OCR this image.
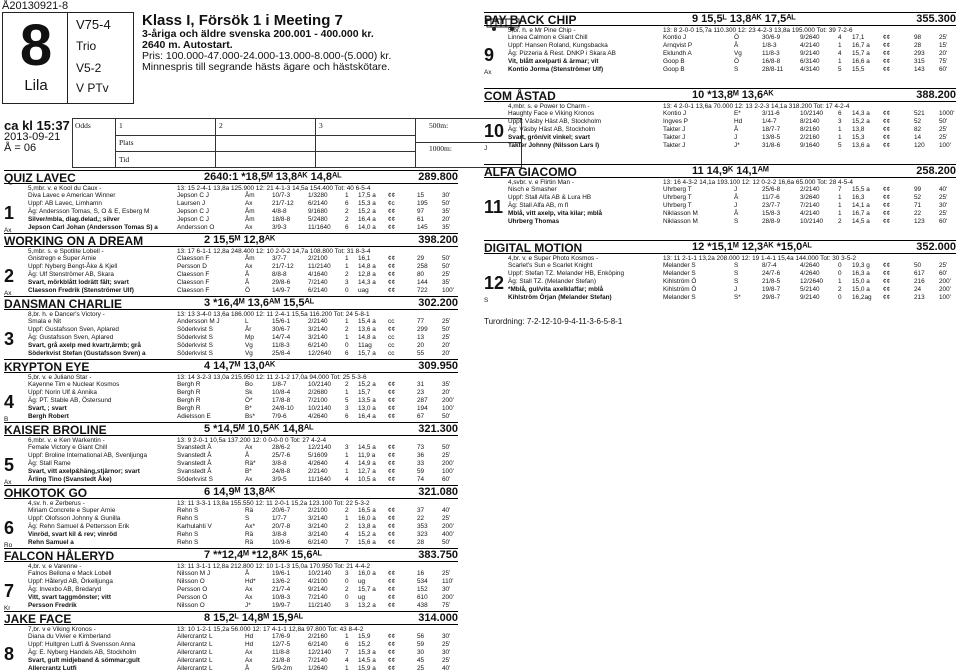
Å20130921-8
8
Lila
V75-4
Trio
V5-2
V PTv
Klass I, Försök 1 i Meeting 7
3-åriga och äldre svenska 200.001 - 400.000 kr.
2640 m. Autostart.
Pris: 100.000-47.000-24.000-13.000-8.000-(5.000) kr.
Minnespris till segrande hästs ägare och hästskötare.
ca kl 15:37
2013-09-21
Å = 06
Odds	1
Plats
Tid
2	3	500m:
1000m:
QUIZ LAVEC	2640:1 *18,5ᴹ 13,8ᴬᴷ 14,8ᴬᴸ	289.800
5,mbr. v. e Kool du Caux -	13: 15 2-4-1 13,8a 125.900 12: 21 4-1-3 14,5a 154.400 Tot: 40 6-5-4
1
Ax
Diva Lavec e American Winner	Jepson C J	Åm	10/7-3	1/3280	1 17,5 a ¢¢	15	30'
Uppf: AB Lavec, Limhamn	Laursen J	Ax	21/7-12 6/2140	6 15,3 a ¢c	195 50'
Äg: Andersson Tomas, S, O & E, Esberg M	Jepson C J	Åm	4/8-8	9/1680	2 15,2 a ¢¢	97	35'
Silver/mbla, diag.delad,; silver	Jepson C J	Åm	18/8-8	5/2480	2 16,4 a ¢¢	61	20'
Jepson Carl Johan (Andersson Tomas S) a	Andersson O	Ax	3/9-3	11/1640 6 14,0 a ¢¢	145 35'
WORKING ON A DREAM	2 15,5ᴹ 12,8ᴬᴷ	398.200
5,mbr. s. e Spotlite Lobell -	13: 17 6-1-1 12,8a 248.400 12: 10 2-0-2 14,7a 108.800 Tot: 31 8-3-4
2
Ax
Gnistregn e Super Arnie	Claesson F	Åm	3/7-7	2/2100	1 16,1	¢¢	29	50'
Uppf: Nyberg Bengt-Åke & Kjell	Persson D	Ax	21/7-12 11/2140 1 14,8 a ¢¢	258 50'
Äg: Ulf Stenströmer AB, Skara	Claesson F	Å	8/8-8	4/1640	2 12,8 a ¢¢	80	25'
Svart, mörkblått lodrätt fält; svart	Claesson F	Å	29/8-6	7/2140	3 14,3 a ¢¢	144 35'
Claesson Fredrik (Stenströmer Ulf)	Claesson F	Ö	14/9-7	6/2140	0 uag	¢¢	722 100'
DANSMAN CHARLIE	3 *16,4ᴹ 13,6ᴬᴹ 15,5ᴬᴸ	302.200
8,br. h. e Dancer's Victory -	13: 13 3-4-0 13,6a 186.000 12: 11 2-4-1 15,5a 116.200 Tot: 24 5-8-1
3
Smala e Nit	Andersson M J	L	15/6-1	2/2140	1 15,4 a cc	77	25'
Uppf: Gustafsson Sven, Aplared	Söderkvist S	År	30/6-7	3/2140	2 13,6 a ¢¢	299 50'
Äg: Gustafsson Sven, Aplared	Söderkvist S	Mp	14/7-4	3/2140	1 14,8 a cc	13	25'
Svart, grå axelp med kvartr,ärmb; grå	Söderkvist S	Vg	11/8-3	6/2140	0 11ag	cc	20	20'
Söderkvist Stefan (Gustafsson Sven) a	Söderkvist S	Vg	25/8-4	12/2640 6 15,7 a cc	55	20'
KRYPTON EYE	4 14,7ᴹ 13,0ᴬᴷ	309.950
5,br. v. e Juliano Star -	13: 14 3-2-3 13,0a 215.950 12: 11 2-1-2 17,0a 94.000 Tot: 25 5-3-6
4
B
Kayenne Tim e Nuclear Kosmos	Bergh R	Bo	1/8-7	10/2140 2 15,2 a ¢¢	31	35'
Uppf: Norin Ulf & Annika	Bergh R	Sk	10/8-4	2/2680	1 15,7	¢¢	23	20'
Äg: PT. Stable AB, Östersund	Bergh R	Ö*	17/8-8	7/2100	5 13,5 a ¢¢	287 200'
Svart, ; svart	Bergh R	B*	24/8-10 10/2140 3 13,0 a ¢¢	194 100'
Bergh Robert	Adielsson E	Bs*	7/9-6	4/2640	6 16,4 a ¢¢	67	50'
KAISER BROLINE	5 *14,5ᴹ 10,5ᴬᴷ 14,8ᴬᴸ	321.300
6,mbr. v. e Ken Warkentin -	13: 9 2-0-1 10,5a 137.200 12: 0 0-0-0 0 Tot: 27 4-2-4
5
Ax
Female Victory e Giant Chill	Svanstedt Å	Ax	28/6-2	12/2140 3 14,5 a ¢¢	73	50'
Uppf: Broline International AB, Svenljunga	Svanstedt Å	Å	25/7-6	5/1609	1 11,9 a ¢¢	36	25'
Äg: Stall Rame	Svanstedt Å	Rä*	3/8-8	4/2640	4 14,9 a ¢¢	33	200'
Svart, vitt axelp&häng,stjärnor; svart	Svanstedt Å	B*	24/8-8	2/2140	1 12,7 a ¢¢	59	100'
Årling Tino (Svanstedt Åke)	Söderkvist S	Ax	3/9-5	11/1640 4 10,5 a ¢¢	74	60'
OHKOTOK GO	6 14,9ᴹ 13,8ᴬᴷ	321.080
4,sv. h. e Zerberus -	13: 11 3-3-1 13,8a 155.550 12: 11 2-0-1 15,2a 123.100 Tot: 22 5-3-2
6
Ro
Miriam Concrete e Super Arnie	Rehn S	Rä	20/6-7	2/2100	2 16,5 a ¢¢	37	40'
Uppf: Olofsson Johnny & Gunilla	Rehn S	S	1/7-7	3/2140	1 16,0 a ¢¢	22	25'
Äg: Rehn Samuel & Pettersson Erik	Karhulahti V	Ax*	20/7-8	3/2140	2 13,8 a ¢¢	353 200'
Vinröd, svart kil & rev; vinröd	Rehn S	Rä	3/8-8	3/2140	4 15,2 a ¢¢	323 400'
Rehn Samuel a	Rehn S	Rä	10/9-6	6/2140	7 15,6 a ¢¢	28	50'
FALCON HÅLERYD	7 **12,4ᴹ *12,8ᴬᴷ 15,6ᴬᴸ	383.750
4,br. v. e Varenne -	13: 11 3-1-1 12,8a 212.800 12: 10 1-1-3 15,0a 170.950 Tot: 21 4-4-2
7
Kr
Falnos Bellona e Mack Lobell	Nilsson M J	Å	19/6-1	10/2140 3 16,0 a ¢¢	16	25'
Uppf: Håleryd AB, Örkelljunga	Nilsson O	Hd*	13/6-2	4/2100	0 ug	¢¢	534 110'
Äg: Invexbo AB, Bredaryd	Persson O	Ax	21/7-4	9/2140	2 15,7 a ¢¢	152 30'
Vitt, svart taggmönster; vitt	Persson O	Ax	10/8-3	7/2140	0 ug	¢¢	610 200'
Persson Fredrik	Nilsson O	J*	19/9-7	11/2140 3 13,2 a ¢¢	438 75'
JAKE FACE	8 15,2ᴸ 14,8ᴹ 15,9ᴬᴸ	314.000
7,br. v e Viking Kronos -	13: 10 1-2-1 15,2a 56.000 12: 17 4-1-1 12,8a 97.800 Tot: 43 8-4-2
8
Diana du Vivier e Kimberland	Allercrantz L	Hd	17/6-9	2/2160	1 15,9	¢¢	56	30'
Uppf: Hultgren Lutfi & Svensson Anna	Allercrantz L	Hd	12/7-5	6/2140	6 15,2	¢¢	59	25'
Äg: E. Nyberg Handels AB, Stockholm	Allercrantz L	Ax	11/8-8	12/2140 7 15,3 a ¢¢	30	30'
Svart, gult midjeband & sömmar;gult	Allercrantz L	Ax	21/8-8	7/2140	4 14,5 a ¢¢	45	25'
Allercrantz Lutfi	Allercrantz L	Å	5/9-2m	1/2640	1 15,9 a ¢¢	25	40'
PAY BACK CHIP	9 15,5ᴸ 13,8ᴬᴷ 17,5ᴬᴸ	355.300
5,br. h. e Mr Pine Chip -	13: 8 2-0-0 15,7a 110.300 12: 23 4-2-3 13,8a 195.000 Tot: 39 7-2-6
9
Ax
Linnea Calmon e Giant Chill	Kontio J	Ö	30/6-9	9/2640	4 17,1	¢¢	98	25'
Uppf: Hansen Roland, Kungsbacka	Arnqvist P	Å	1/8-3	4/2140	1 16,7 a ¢¢	28	15'
Äg: Pizzeria & Rest. DNKP i Skara AB	Eklundh A	Vg	11/8-3	9/2140	4 15,7 a ¢¢	293 20'
Vit, blått axelparti & ärmar; vit	Goop B	Ö	16/8-8	6/3140	1 16,6 a ¢¢	315 75'
Kontio Jorma (Stenströmer Ulf)	Goop B	S	28/8-11	4/3140	5 15,5	¢¢	143 60'
COM ÅSTAD	10 *13,8ᴹ 13,6ᴬᴷ	388.200
4,mbr. s. e Power to Charm -	13: 4 2-0-1 13,6a 70.000 12: 13 2-2-3 14,1a 318.200 Tot: 17 4-2-4
10
J
Haughty Face e Viking Kronos	Kontio J	E*	3/11-6	10/2140 6 14,3 a ¢¢	521 1000'
Uppf: Väsby Häst AB, Stockholm	Ingves P	Hd	1/4-7	8/2140	3 15,2 a ¢¢	52	50'
Äg: Väsby Häst AB, Stockholm	Takter J	Å	18/7-7	8/2160	1 13,8	¢¢	82	25'
Svart, grön/vit vinkel; svart	Takter J	J	13/8-5	2/2160	1 15,3	¢¢	14	25'
Takter Johnny (Nilsson Lars I)	Takter J	J*	31/8-6	9/1640	5 13,6 a ¢¢	120 100'
ALFA GIACOMO	11 14,9ᴷ 14,1ᴬᴹ	258.200
4,svbr. v. e Flirtin Man -	13: 16 4-3-2 14,1a 193.100 12: 12 0-2-2 16,6a 65.000 Tot: 28 4-5-4
11
Nisch e Smasher	Uhrberg T	J	25/6-8	2/2140	7 15,5 a ¢¢	99	40'
Uppf: Stall Alfa AB & Lura HB	Uhrberg T	Å	11/7-6	3/2640	1 16,3	¢¢	52	25'
Äg: Stall Alfa AB, m fl	Uhrberg T	J	23/7-7	7/2140	1 14,1 a ¢¢	71	30'
Mblå, vitt axelp, vita kilar; mblå	Niklasson M	Å	15/8-3	4/2140	1 16,7 a ¢¢	22	25'
Uhrberg Thomas	Niklasson M	S	28/8-9	10/2140 2 14,5 a ¢¢	123 60'
DIGITAL MOTION	12 *15,1ᴹ 12,3ᴬᴷ *15,0ᴬᴸ	352.000
4,br. v. e Super Photo Kosmos -	13: 11 2-1-1 13,2a 208.000 12: 19 1-4-1 15,4a 144.000 Tot: 30 3-5-2
12
S
Scarlet's Sun e Scarlet Knight	Melander S	S	8/7-4	4/2640	0 19,3 g ¢¢	50	25'
Uppf: Stefan TZ. Melander HB, Enköping	Melander S	S	24/7-6	4/2640	0 16,3 a ¢¢	617 60'
Äg: Stall TZ. (Melander Stefan)	Kihlström Ö	S	21/8-5	12/2640 1 15,0 a ¢¢	216 200'
*Mblå, gul/vita axelklaffar; mblå	Kihlström Ö	J	19/8-7	5/2140	2 15,0 a ¢¢	24	200'
Kihlström Örjan (Melander Stefan)	Melander S	S*	29/8-7	9/2140	0 16,2ag ¢¢	213 100'
Turordning: 7-2-12-10-9-4-11-3-6-5-8-1
